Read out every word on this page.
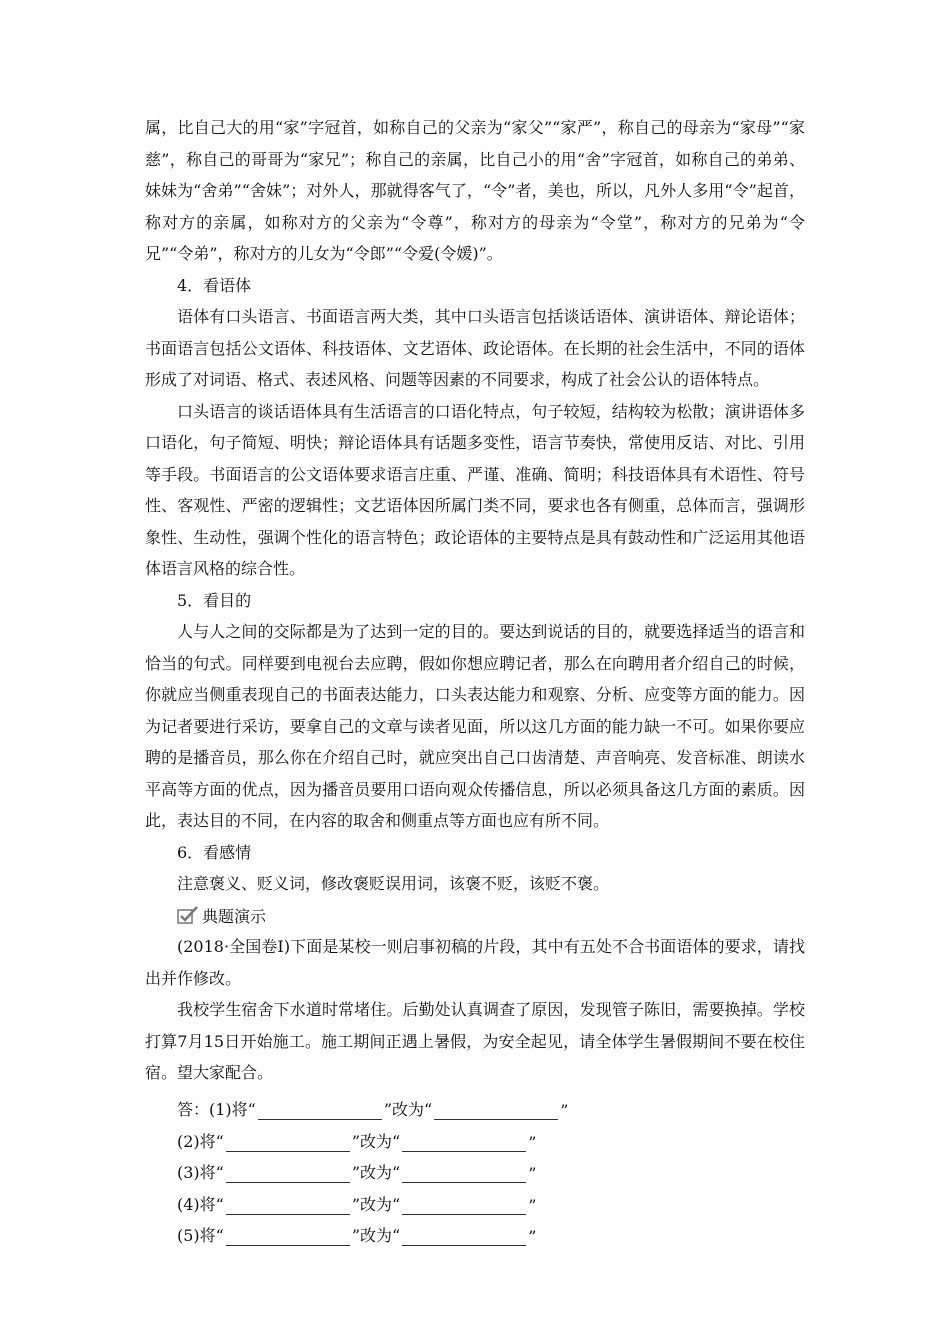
属，比自己大的用“家”字冠首，如称自己的父亲为“家父”“家严”，称自己的母亲为“家母”“家慈”，称自己的哥哥为“家兄”；称自己的亲属，比自己小的用“舍”字冠首，如称自己的弟弟、妹妹为“舍弟”“舍妹”；对外人，那就得客气了，“令”者，美也，所以，凡外人多用“令”起首，称对方的亲属，如称对方的父亲为“令尊”，称对方的母亲为“令堂”，称对方的兄弟为“令兄”“令弟”，称对方的儿女为“令郎”“令爱(令媛)”。

4．看语体

语体有口头语言、书面语言两大类，其中口头语言包括谈话语体、演讲语体、辩论语体；书面语言包括公文语体、科技语体、文艺语体、政论语体。在长期的社会生活中，不同的语体形成了对词语、格式、表述风格、问题等因素的不同要求，构成了社会公认的语体特点。

口头语言的谈话语体具有生活语言的口语化特点，句子较短，结构较为松散；演讲语体多口语化，句子简短、明快；辩论语体具有话题多变性，语言节奏快，常使用反诘、对比、引用等手段。书面语言的公文语体要求语言庄重、严谨、准确、简明；科技语体具有术语性、符号性、客观性、严密的逻辑性；文艺语体因所属门类不同，要求也各有侧重，总体而言，强调形象性、生动性，强调个性化的语言特色；政论语体的主要特点是具有鼓动性和广泛运用其他语体语言风格的综合性。

5．看目的

人与人之间的交际都是为了达到一定的目的。要达到说话的目的，就要选择适当的语言和恰当的句式。同样要到电视台去应聘，假如你想应聘记者，那么在向聘用者介绍自己的时候，你就应当侧重表现自己的书面表达能力，口头表达能力和观察、分析、应变等方面的能力。因为记者要进行采访，要拿自己的文章与读者见面，所以这几方面的能力缺一不可。如果你要应聘的是播音员，那么你在介绍自己时，就应突出自己口齿清楚、声音响亮、发音标准、朗读水平高等方面的优点，因为播音员要用口语向观众传播信息，所以必须具备这几方面的素质。因此，表达目的不同，在内容的取舍和侧重点等方面也应有所不同。

6．看感情

注意褒义、贬义词，修改褒贬误用词，该褒不贬，该贬不褒。

典题演示

(2018·全国卷Ⅰ)下面是某校一则启事初稿的片段，其中有五处不合书面语体的要求，请找出并作修改。

我校学生宿舍下水道时常堵住。后勤处认真调查了原因，发现管子陈旧，需要换掉。学校打算7月15日开始施工。施工期间正遇上暑假，为安全起见，请全体学生暑假期间不要在校住宿。望大家配合。

答：(1)将“	”改为“	”
(2)将“	”改为“	”
(3)将“	”改为“	”
(4)将“	”改为“	”
(5)将“	”改为“	”
